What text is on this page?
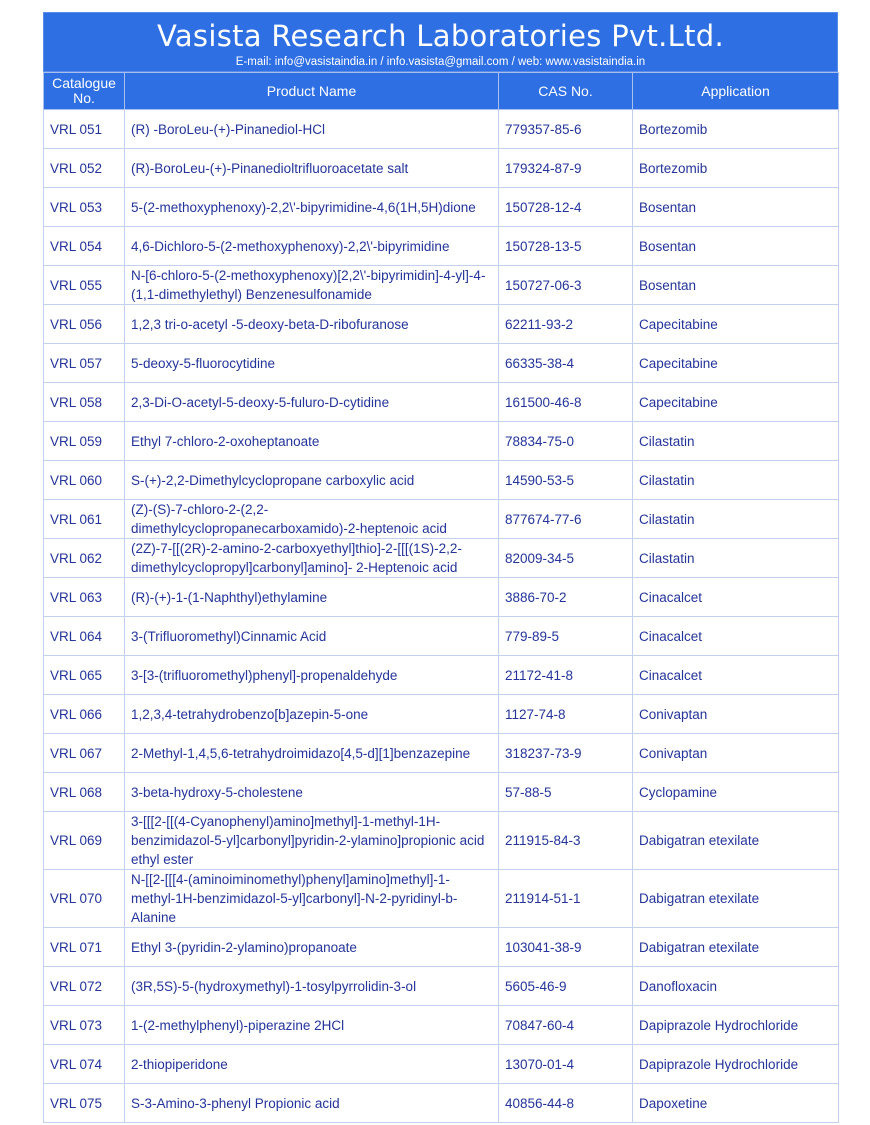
Vasista Research Laboratories Pvt.Ltd.
E-mail: info@vasistaindia.in / info.vasista@gmail.com / web: www.vasistaindia.in
Catalogue No.	Product Name	CAS No.	Application
VRL 051	(R) -BoroLeu-(+)-Pinanediol-HCl	779357-85-6	Bortezomib
VRL 052	(R)-BoroLeu-(+)-Pinanedioltrifluoroacetate salt	179324-87-9	Bortezomib
VRL 053	5-(2-methoxyphenoxy)-2,2\'-bipyrimidine-4,6(1H,5H)dione	150728-12-4	Bosentan
VRL 054	4,6-Dichloro-5-(2-methoxyphenoxy)-2,2\'-bipyrimidine	150728-13-5	Bosentan
VRL 055	N-[6-chloro-5-(2-methoxyphenoxy)[2,2\'-bipyrimidin]-4-yl]-4-(1,1-dimethylethyl) Benzenesulfonamide	150727-06-3	Bosentan
VRL 056	1,2,3 tri-o-acetyl -5-deoxy-beta-D-ribofuranose	62211-93-2	Capecitabine
VRL 057	5-deoxy-5-fluorocytidine	66335-38-4	Capecitabine
VRL 058	2,3-Di-O-acetyl-5-deoxy-5-fuluro-D-cytidine	161500-46-8	Capecitabine
VRL 059	Ethyl 7-chloro-2-oxoheptanoate	78834-75-0	Cilastatin
VRL 060	S-(+)-2,2-Dimethylcyclopropane carboxylic acid	14590-53-5	Cilastatin
VRL 061	(Z)-(S)-7-chloro-2-(2,2-dimethylcyclopropanecarboxamido)-2-heptenoic acid	877674-77-6	Cilastatin
VRL 062	(2Z)-7-[[(2R)-2-amino-2-carboxyethyl]thio]-2-[[[(1S)-2,2-dimethylcyclopropyl]carbonyl]amino]- 2-Heptenoic acid	82009-34-5	Cilastatin
VRL 063	(R)-(+)-1-(1-Naphthyl)ethylamine	3886-70-2	Cinacalcet
VRL 064	3-(Trifluoromethyl)Cinnamic Acid	779-89-5	Cinacalcet
VRL 065	3-[3-(trifluoromethyl)phenyl]-propenaldehyde	21172-41-8	Cinacalcet
VRL 066	1,2,3,4-tetrahydrobenzo[b]azepin-5-one	1127-74-8	Conivaptan
VRL 067	2-Methyl-1,4,5,6-tetrahydroimidazo[4,5-d][1]benzazepine	318237-73-9	Conivaptan
VRL 068	3-beta-hydroxy-5-cholestene	57-88-5	Cyclopamine
VRL 069	3-[[[2-[[(4-Cyanophenyl)amino]methyl]-1-methyl-1H-benzimidazol-5-yl]carbonyl]pyridin-2-ylamino]propionic acid ethyl ester	211915-84-3	Dabigatran etexilate
VRL 070	N-[[2-[[[4-(aminoiminomethyl)phenyl]amino]methyl]-1-methyl-1H-benzimidazol-5-yl]carbonyl]-N-2-pyridinyl-b-Alanine	211914-51-1	Dabigatran etexilate
VRL 071	Ethyl 3-(pyridin-2-ylamino)propanoate	103041-38-9	Dabigatran etexilate
VRL 072	(3R,5S)-5-(hydroxymethyl)-1-tosylpyrrolidin-3-ol	5605-46-9	Danofloxacin
VRL 073	1-(2-methylphenyl)-piperazine 2HCl	70847-60-4	Dapiprazole Hydrochloride
VRL 074	2-thiopiperidone	13070-01-4	Dapiprazole Hydrochloride
VRL 075	S-3-Amino-3-phenyl Propionic acid	40856-44-8	Dapoxetine
